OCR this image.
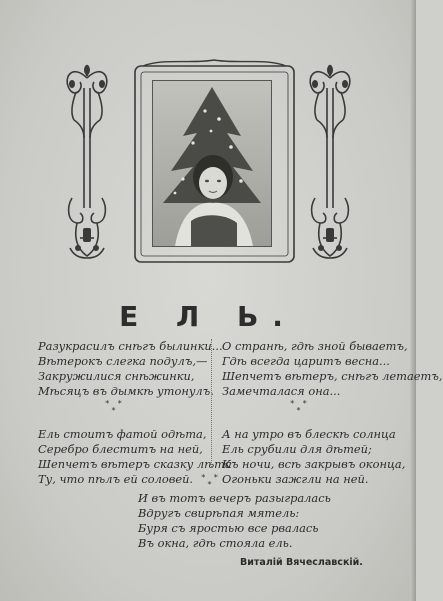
Е Л Ь.
Разукрасилъ снѣгъ былинки...
Вѣтерокъ слегка подулъ,—
Закружилися снѣжинки,
Мѣсяцъ въ дымкѣ утонулъ.
Ель стоитъ фатой одѣта,
Серебро блеститъ на ней,
Шепчетъ вѣтеръ сказку лѣта
Ту, что пѣлъ ей соловей.
О странѣ, гдѣ зной бываетъ,
Гдѣ всегда царитъ весна...
Шепчетъ вѣтеръ, снѣгъ летаетъ,
Замечталася она...
А на утро въ блескѣ солнца
Ель срубили для дѣтей;
Къ ночи, всѣ закрывъ оконца,
Огоньки зажгли на ней.
* * *
* * *
* * *
И въ тотъ вечеръ разыгралась
Вдругъ свирѣпая мятель:
Буря съ яростью все рвалась
Въ окна, гдѣ стояла ель.
Виталій Вячеславскій.
